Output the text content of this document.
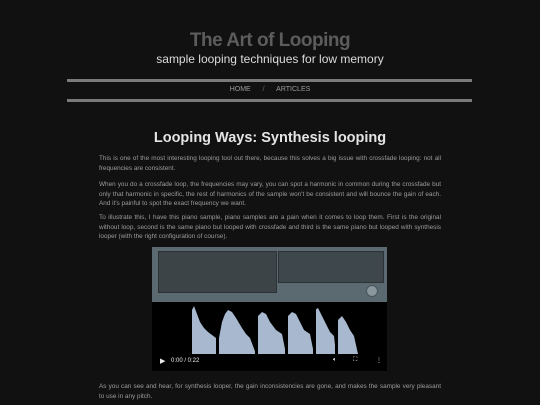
The Art of Looping
sample looping techniques for low memory
HOME / ARTICLES
Looping Ways: Synthesis looping

This is one of the most interesting looping tool out there, because this solves a big issue with crossfade looping: not all frequencies are consistent.

When you do a crossfade loop, the frequencies may vary, you can spot a harmonic in common during the crossfade but only that harmonic in specific, the rest of harmonics of the sample won't be consistent and will bounce the gain of each. And it's painful to spot the exact frequency we want.

To illustrate this, I have this piano sample, piano samples are a pain when it comes to loop them. First is the original without loop, second is the same piano but looped with crossfade and third is the same piano but looped with synthesis looper (with the right configuration of course).

▶ 0:00 / 0:22	🔈︎	⛶	⋮

As you can see and hear, for synthesis looper, the gain inconsistencies are gone, and makes the sample very pleasant to use in any pitch.
